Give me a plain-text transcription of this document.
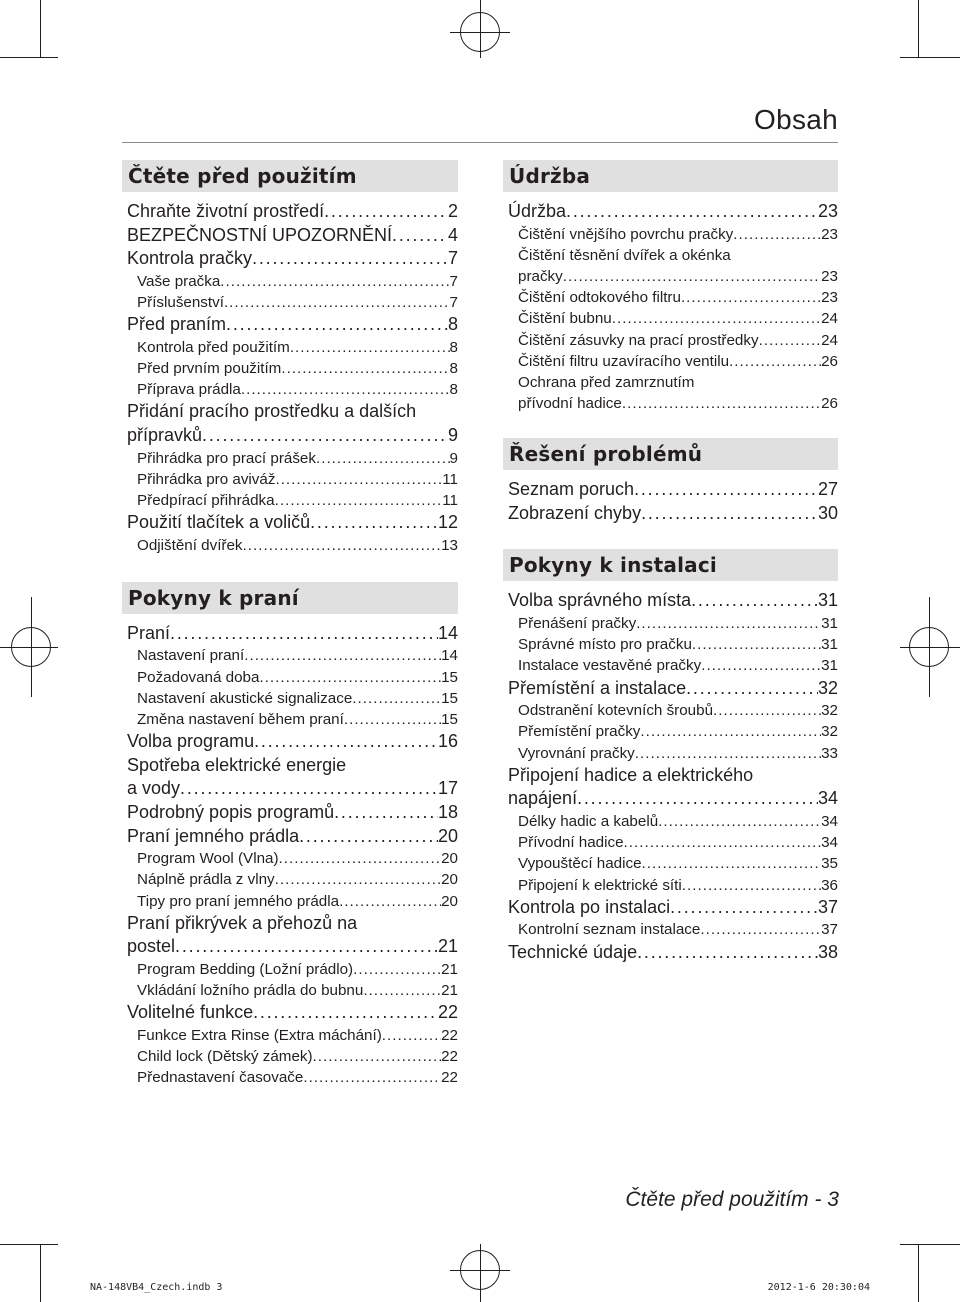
Obsah
Čtěte před použitím
Chraňte životní prostředí . . .	2
BEZPEČNOSTNÍ UPOZORNĚNÍ . . .	4
Kontrola pračky . . .	7
Vaše pračka . . .	7
Příslušenství . . .	7
Před praním . . .	8
Kontrola před použitím . . .	8
Před prvním použitím . . .	8
Příprava prádla . . .	8
Přidání pracího prostředku a dalších
přípravků . . .	9
Přihrádka pro prací prášek . . .	9
Přihrádka pro aviváž . . .	11
Předpírací přihrádka . . .	11
Použití tlačítek a voličů . . .	12
Odjištění dvířek . . .	13
Pokyny k praní
Praní . . .	14
Nastavení praní . . .	14
Požadovaná doba . . .	15
Nastavení akustické signalizace . . .	15
Změna nastavení během praní . . .	15
Volba programu . . .	16
Spotřeba elektrické energie
a vody . . .	17
Podrobný popis programů . . .	18
Praní jemného prádla . . .	20
Program Wool (Vlna) . . .	20
Náplně prádla z vlny . . .	20
Tipy pro praní jemného prádla . . .	20
Praní přikrývek a přehozů na
postel . . .	21
Program Bedding (Ložní prádlo) . . .	21
Vkládání ložního prádla do bubnu . . .	21
Volitelné funkce . . .	22
Funkce Extra Rinse (Extra máchání) . . .	22
Child lock (Dětský zámek) . . .	22
Přednastavení časovače . . .	22
Údržba
Údržba . . .	23
Čištění vnějšího povrchu pračky . . .	23
Čištění těsnění dvířek a okénka
pračky . . .	23
Čištění odtokového filtru . . .	23
Čištění bubnu . . .	24
Čištění zásuvky na prací prostředky . . .	24
Čištění filtru uzavíracího ventilu . . .	26
Ochrana před zamrznutím
přívodní hadice . . .	26
Řešení problémů
Seznam poruch . . .	27
Zobrazení chyby . . .	30
Pokyny k instalaci
Volba správného místa . . .	31
Přenášení pračky . . .	31
Správné místo pro pračku . . .	31
Instalace vestavěné pračky . . .	31
Přemístění a instalace . . .	32
Odstranění kotevních šroubů . . .	32
Přemístění pračky . . .	32
Vyrovnání pračky . . .	33
Připojení hadice a elektrického
napájení . . .	34
Délky hadic a kabelů . . .	34
Přívodní hadice . . .	34
Vypouštěcí hadice . . .	35
Připojení k elektrické síti . . .	36
Kontrola po instalaci . . .	37
Kontrolní seznam instalace . . .	37
Technické údaje . . .	38
Čtěte před použitím - 3
NA-148VB4_Czech.indb 3	2012-1-6 20:30:04
